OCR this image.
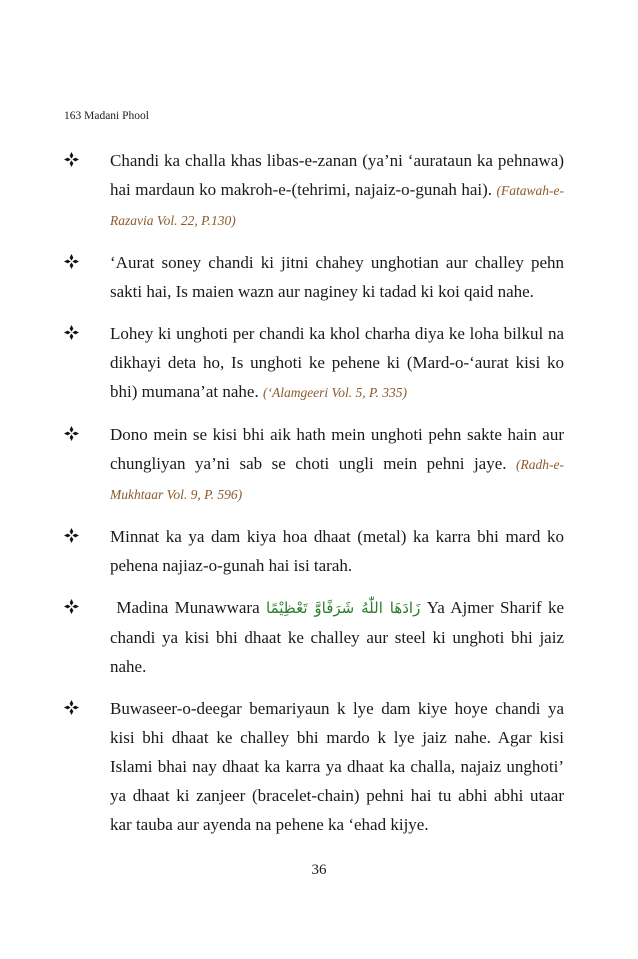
163 Madani Phool
Chandi ka challa khas libas-e-zanan (ya’ni ‘aurataun ka pehnawa) hai mardaun ko makroh-e-(tehrimi, najaiz-o-gunah hai). (Fatawah-e-Razavia Vol. 22, P.130)
‘Aurat soney chandi ki jitni chahey unghotian aur challey pehn sakti hai, Is maien wazn aur naginey ki tadad ki koi qaid nahe.
Lohey ki unghoti per chandi ka khol charha diya ke loha bilkul na dikhayi deta ho, Is unghoti ke pehene ki (Mard-o-‘aurat kisi ko bhi) mumana’at nahe. (‘Alamgeeri Vol. 5, P. 335)
Dono mein se kisi bhi aik hath mein unghoti pehn sakte hain aur chungliyan ya’ni sab se choti ungli mein pehni jaye. (Radh-e-Mukhtaar Vol. 9, P. 596)
Minnat ka ya dam kiya hoa dhaat (metal) ka karra bhi mard ko pehena najiaz-o-gunah hai isi tarah.
Madina Munawwara زَادَهَا اللّٰهُ شَرَفًاوَّ تَعْظِیْمًا Ya Ajmer Sharif ke chandi ya kisi bhi dhaat ke challey aur steel ki unghoti bhi jaiz nahe.
Buwaseer-o-deegar bemariyaun k lye dam kiye hoye chandi ya kisi bhi dhaat ke challey bhi mardo k lye jaiz nahe. Agar kisi Islami bhai nay dhaat ka karra ya dhaat ka challa, najaiz unghoti’ ya dhaat ki zanjeer (bracelet-chain) pehni hai tu abhi abhi utaar kar tauba aur ayenda na pehene ka ‘ehad kijye.
36
